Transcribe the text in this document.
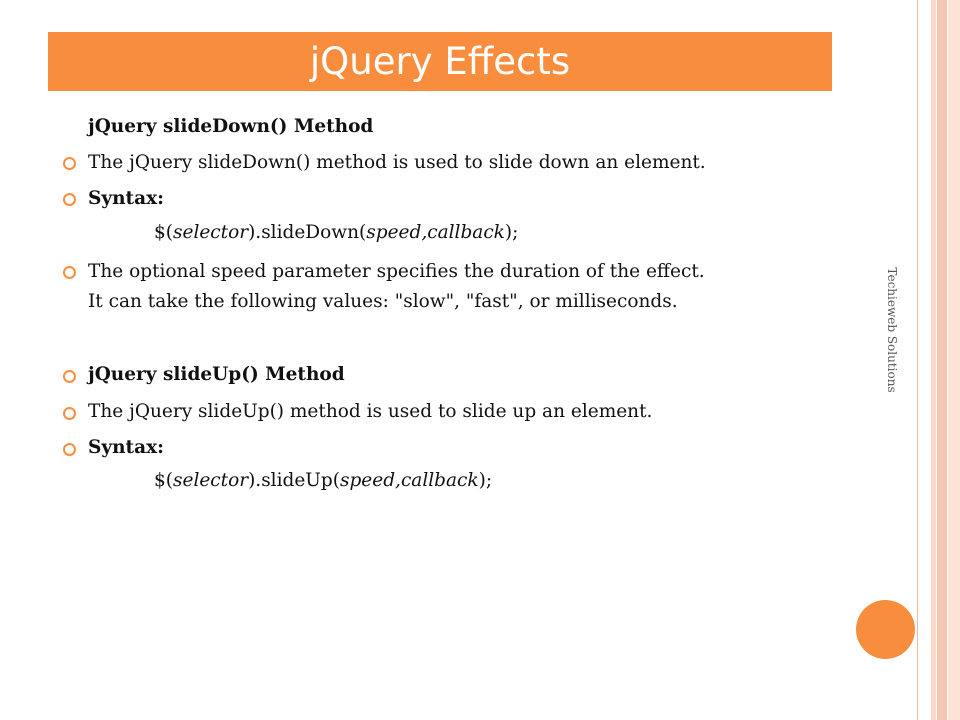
jQuery Effects
jQuery slideDown() Method
The jQuery slideDown() method is used to slide down an element.
Syntax:
$(selector).slideDown(speed,callback);
The optional speed parameter specifies the duration of the effect.
It can take the following values: "slow", "fast", or milliseconds.
jQuery slideUp() Method
The jQuery slideUp() method is used to slide up an element.
Syntax:
$(selector).slideUp(speed,callback);
Techieweb Solutions
